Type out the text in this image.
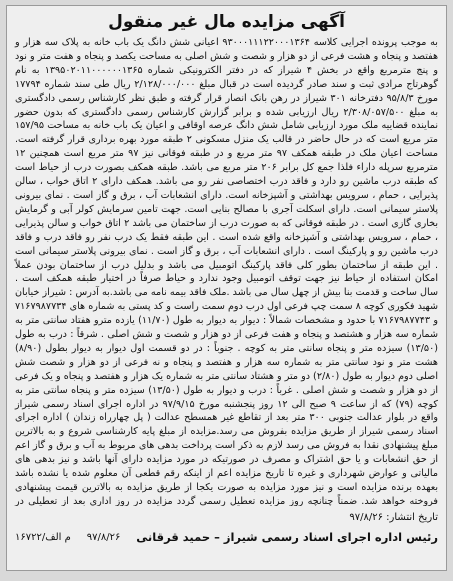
آگهی مزایده مال غیر منقول
به موجب پرونده اجرایی کلاسه ۹۳۰۰۰۱۱۱۲۲۰۰۰۱۳۶۴ اعیانی شش دانگ یک باب خانه به پلاک سه هزار و هفتصد و پنجاه و هشت فرعی از دو هزار و شصت و شش اصلی به مساحت یکصد و پنجاه و هفت متر و نود و پنج مترمربع واقع در بخش ۴ شیراز که در دفتر الکترونیکی شماره ۱۳۹۵۰۲۰۱۱۰۰۰۰۰۰۱۳۶۵ به نام گوهرتاج مرادی ثبت و سند صادر گردیده است در قبال مبلغ ۲/۱۲۸/۰۰۰/۰۰۰ ریال طی سند شماره ۱۷۷۹۴ مورخ ۹۵/۸/۳ دفترخانه ۳۰۱ شیراز در رهن بانک انصار قرار گرفته و طبق نظر کارشناس رسمی دادگستری به مبلغ ۲/۳۰۸/۰۵۷/۵۰۰ ریال ارزیابی شده و برابر گزارش کارشناس رسمی دادگستری که بدون حضور نماینده قضاییه ملک مورد ارزیابی شامل شش دانگ عرصه اوقافی و اعیان یک باب خانه به مساحت ۱۵۷/۹۵ متر مربع است که در حال حاضر در قالب یک منزل مسکونی ۲ طبقه مورد بهره برداری قرار گرفته است. مساحت اعیان ملک در طبقه همکف ۹۷ متر مربع و در طبقه فوقانی نیز ۹۷ متر مربع است همچنین ۱۲ مترمربع سرپله داراء فلذا جمع کل برابر ۲۰۶ متر مربع می باشد. طبقه همکف بصورت درب از حیاط است که طبقه درب ماشین رو دارد و فاقد درب اختصاصی نفر رو می باشد. همکف دارای ۲ اتاق خواب ، سالن پذیرایی ، حمام ، سرویس بهداشتی و آشپزخانه است. دارای انشعابات آب ، برق و گاز است . نمای بیرونی پلاستر سیمانی است. دارای اسکلت آجری با مصالح بنایی است. جهت تامین سرمایش کولر آبی و گرمایش بخاری گازی است . در طبقه فوقانی که به صورت درب از ساختمان می باشد ۲ اتاق خواب و سالن پذیرایی ، حمام ، سرویس بهداشتی و آشپزخانه واقع شده است . این طبقه فقط یک درب نفر رو فاقد درب و فاقد درب ماشین رو و پارکینگ است . دارای انشعابات آب ، برق و گاز است . نمای بیرونی پلاستر سیمانی است . این طبقه از ساختمان بطور کلی فاقد پارکینگ اتومبیل می باشد و بدلیل درب از ساختمان بودن عملاً امکان استفاده از حیاط نیز جهت توقف اتومبیل وجود ندارد و حیاط صرفاً در اختیار طبقه همکف است . سال ساخت و قدمت بنا بیش از چهل سال می باشد .ملک فاقد بیمه نامه می باشد.به آدرس : شیراز خیابان شهید فکوری کوچه ۸ سمت چپ فرعی اول درب دوم سمت راست و کد پستی به شماره های ۷۱۶۷۹۸۷۷۳۴ و ۷۱۶۷۹۸۷۷۴۳ با حدود و مشخصات شمالاً : دیوار به دیوار به طول (۱۱/۷۰) یازده مترو هفتاد سانتی متر به شماره سه هزار و هشتصد و پنجاه و هفت فرعی از دو هزار و شصت و شش اصلی . شرقاً : درب به طول (۱۳/۵۰) سیزده متر و پنجاه سانتی متر به کوچه . جنوباً : در دو قسمت اول دیوار به دیوار بطول (۸/۹۰) هشت متر و نود سانتی متر به شماره سه هزار و هفتصد و پنجاه و نه فرعی از دو هزار و شصت شش اصلی دوم دیوار به طول (۲/۸۰) دو متر و هشتاد سانتی متر به شماره یک هزار و هفتصد و پنجاه و یک فرعی از دو هزار و شصت و شش اصلی . غرباً : درب و دیوار به طول (۱۳/۵۰) سیزده متر و پنجاه سانتی متر به کوچه (۷۹) که از ساعت ۹ صبح الی ۱۲ روز پنجشنبه مورخ ۹۷/۹/۱۵ در اداره اجرای اسناد رسمی شیراز واقع در بلوار عدالت جنوبی ۳۰۰ متر بعد از تقاطع غیر همسطح عدالت ( پل چهارراه زندان ) اداره اجرای اسناد رسمی شیراز از طریق مزایده بفروش می رسد.مزایده از مبلغ پایه کارشناسی شروع و به بالاترین مبلغ پیشنهادی نقدا به فروش می رسد لازم به ذکر است پرداخت بدهی های مربوط به آب و برق و گاز اعم از حق انشعابات و یا حق اشتراک و مصرف در صورتیکه در مورد مزایده دارای آنها باشد و نیز بدهی های مالیاتی و عوارض شهرداری و غیره تا تاریخ مزایده اعم از اینکه رقم قطعی آن معلوم شده یا نشده باشد بعهده برنده مزایده است و نیز مورد مزایده به صورت یکجا از طریق مزایده به بالاترین قیمت پیشنهادی فروخته خواهد شد. ضمناً چنانچه روز مزایده تعطیل رسمی گردد مزایده در روز اداری بعد از تعطیلی در
تاریخ انتشار: ۹۷/۸/۲۶
رئیس اداره اجرای اسناد رسمی شیراز – حمید قرقانی
۹۷/۸/۲۶
۱۶۷۲۲/م الف
